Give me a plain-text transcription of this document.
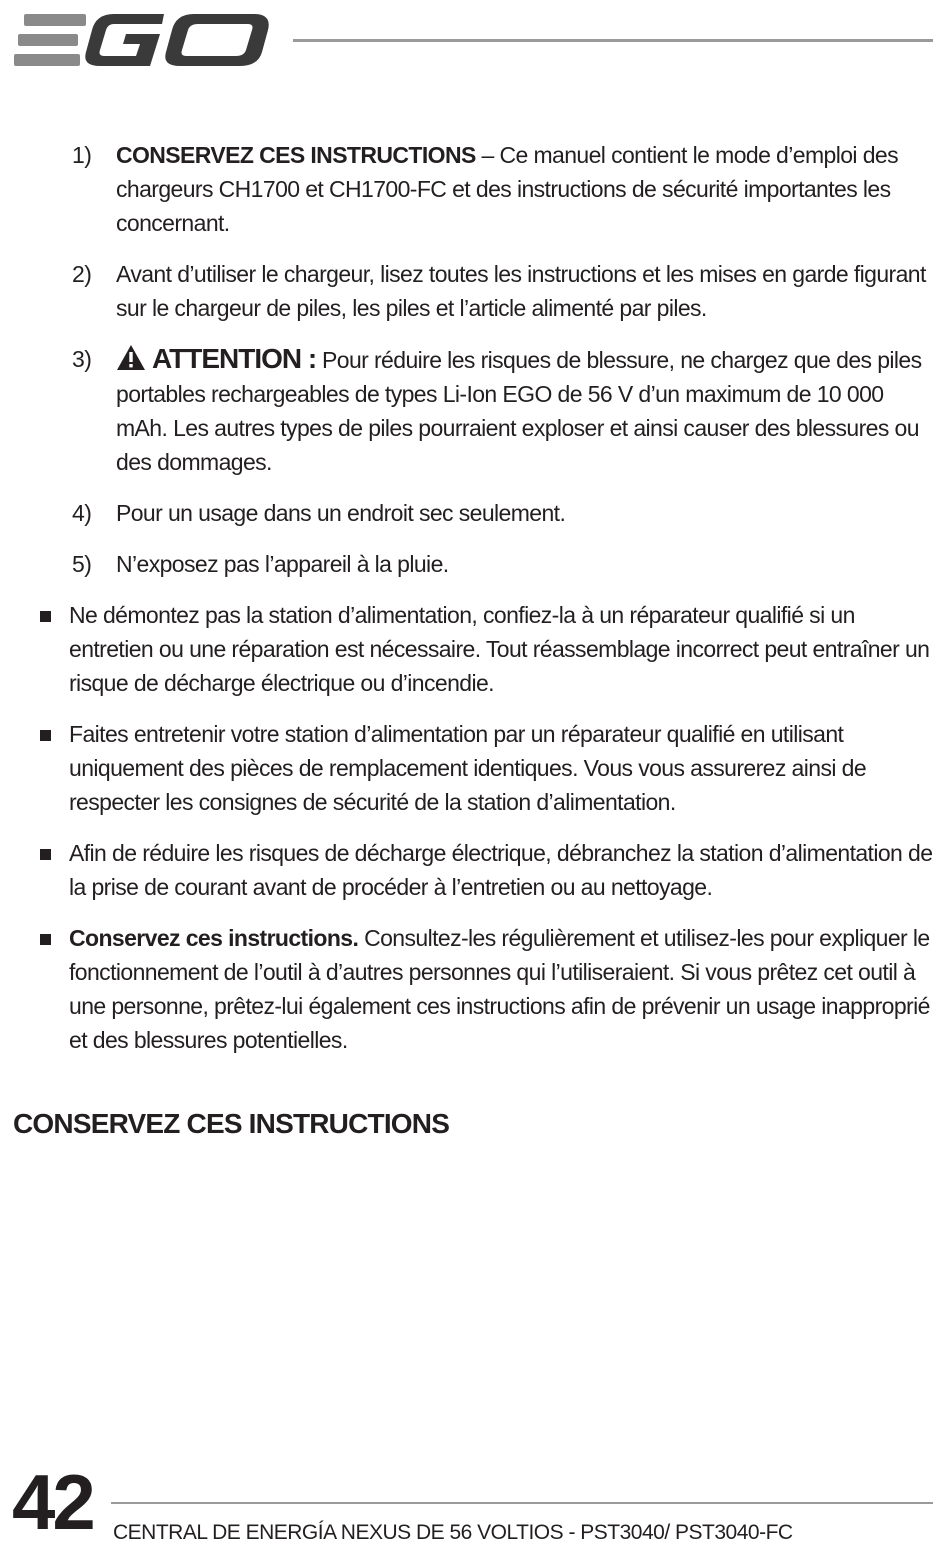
1) CONSERVEZ CES INSTRUCTIONS – Ce manuel contient le mode d’emploi des chargeurs CH1700 et CH1700-FC et des instructions de sécurité importantes les concernant.
2) Avant d’utiliser le chargeur, lisez toutes les instructions et les mises en garde figurant sur le chargeur de piles, les piles et l’article alimenté par piles.
3) ATTENTION : Pour réduire les risques de blessure, ne chargez que des piles portables rechargeables de types Li-Ion EGO de 56 V d’un maximum de 10 000 mAh. Les autres types de piles pourraient exploser et ainsi causer des blessures ou des dommages.
4) Pour un usage dans un endroit sec seulement.
5) N’exposez pas l’appareil à la pluie.
Ne démontez pas la station d’alimentation, confiez-la à un réparateur qualifié si un entretien ou une réparation est nécessaire. Tout réassemblage incorrect peut entraîner un risque de décharge électrique ou d’incendie.
Faites entretenir votre station d’alimentation par un réparateur qualifié en utilisant uniquement des pièces de remplacement identiques. Vous vous assurerez ainsi de respecter les consignes de sécurité de la station d’alimentation.
Afin de réduire les risques de décharge électrique, débranchez la station d’alimentation de la prise de courant avant de procéder à l’entretien ou au nettoyage.
Conservez ces instructions. Consultez-les régulièrement et utilisez-les pour expliquer le fonctionnement de l’outil à d’autres personnes qui l’utiliseraient. Si vous prêtez cet outil à une personne, prêtez-lui également ces instructions afin de prévenir un usage inapproprié et des blessures potentielles.
CONSERVEZ CES INSTRUCTIONS
42 CENTRAL DE ENERGÍA NEXUS DE 56 VOLTIOS - PST3040/ PST3040-FC
